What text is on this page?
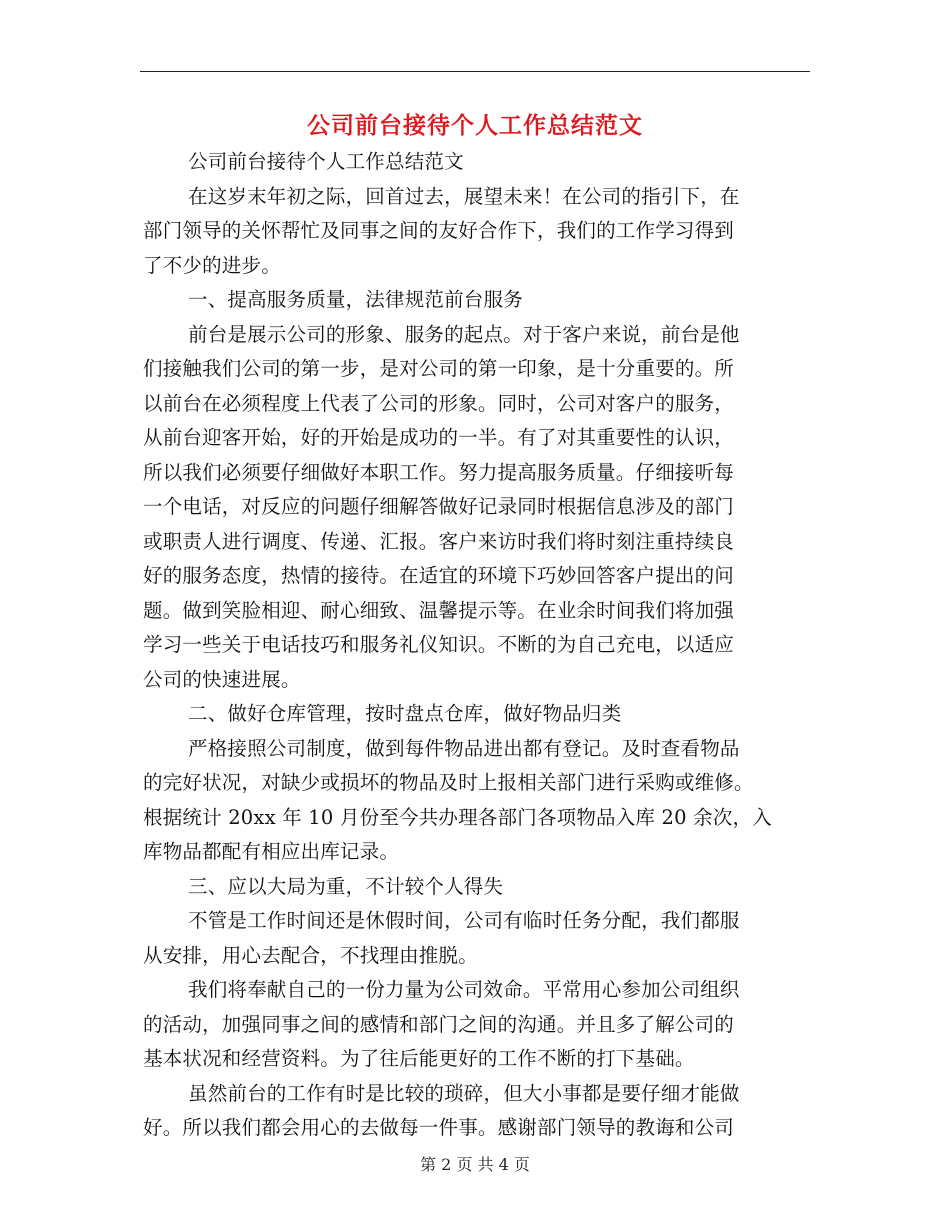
公司前台接待个人工作总结范文
公司前台接待个人工作总结范文
在这岁末年初之际，回首过去，展望未来！在公司的指引下，在
部门领导的关怀帮忙及同事之间的友好合作下，我们的工作学习得到
了不少的进步。
一、提高服务质量，法律规范前台服务
前台是展示公司的形象、服务的起点。对于客户来说，前台是他
们接触我们公司的第一步，是对公司的第一印象，是十分重要的。所
以前台在必须程度上代表了公司的形象。同时，公司对客户的服务，
从前台迎客开始，好的开始是成功的一半。有了对其重要性的认识，
所以我们必须要仔细做好本职工作。努力提高服务质量。仔细接听每
一个电话，对反应的问题仔细解答做好记录同时根据信息涉及的部门
或职责人进行调度、传递、汇报。客户来访时我们将时刻注重持续良
好的服务态度，热情的接待。在适宜的环境下巧妙回答客户提出的问
题。做到笑脸相迎、耐心细致、温馨提示等。在业余时间我们将加强
学习一些关于电话技巧和服务礼仪知识。不断的为自己充电，以适应
公司的快速进展。
二、做好仓库管理，按时盘点仓库，做好物品归类
严格接照公司制度，做到每件物品进出都有登记。及时查看物品
的完好状况，对缺少或损坏的物品及时上报相关部门进行采购或维修。
根据统计 20xx 年 10 月份至今共办理各部门各项物品入库 20 余次，入
库物品都配有相应出库记录。
三、应以大局为重，不计较个人得失
不管是工作时间还是休假时间，公司有临时任务分配，我们都服
从安排，用心去配合，不找理由推脱。
我们将奉献自己的一份力量为公司效命。平常用心参加公司组织
的活动，加强同事之间的感情和部门之间的沟通。并且多了解公司的
基本状况和经营资料。为了往后能更好的工作不断的打下基础。
虽然前台的工作有时是比较的琐碎，但大小事都是要仔细才能做
好。所以我们都会用心的去做每一件事。感谢部门领导的教诲和公司
第 2 页 共 4 页
